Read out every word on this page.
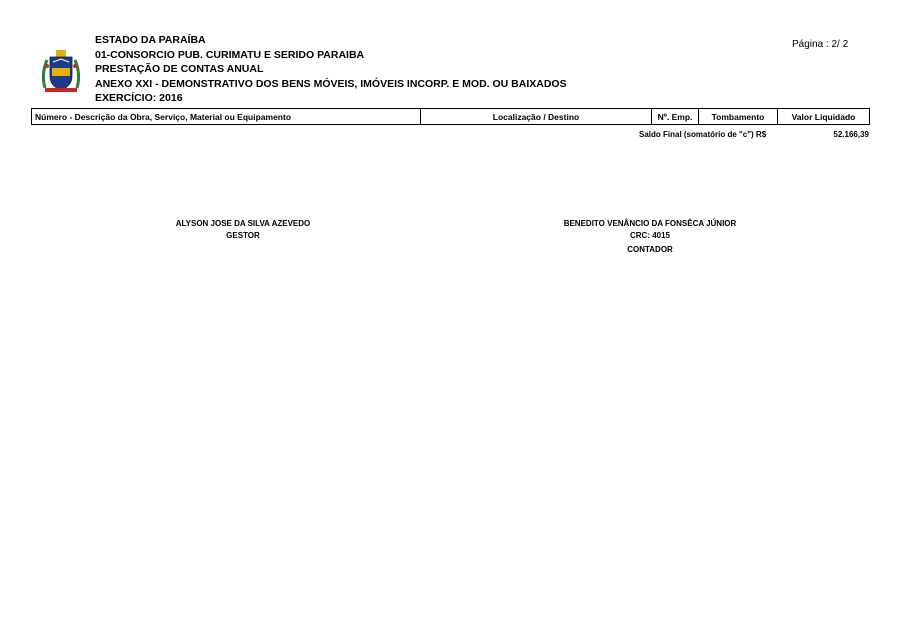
ESTADO DA PARAÍBA
01-CONSORCIO PUB. CURIMATU E SERIDO PARAIBA
PRESTAÇÃO DE CONTAS ANUAL
ANEXO XXI - DEMONSTRATIVO DOS BENS MÓVEIS, IMÓVEIS INCORP. E MOD. OU BAIXADOS
EXERCÍCIO: 2016
Página : 2/ 2
Número - Descrição da Obra, Serviço, Material ou Equipamento	Localização / Destino	Nº. Emp.	Tombamento	Valor Liquidado
Saldo Final (somatório de "c") R$	52.166,39
ALYSON JOSE DA SILVA AZEVEDO
GESTOR
BENEDITO VENÂNCIO DA FONSÊCA JÚNIOR
CRC: 4015
CONTADOR
